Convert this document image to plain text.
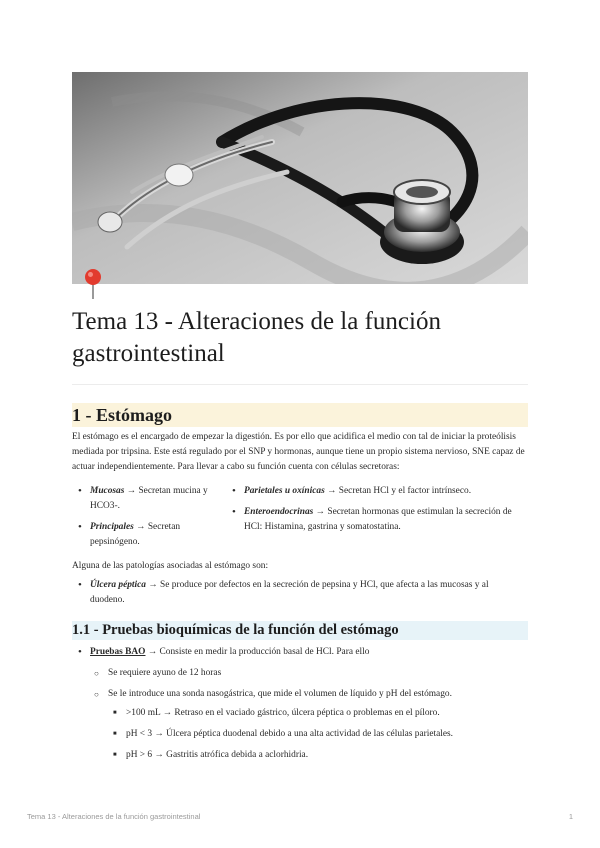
Tema 13 - Alteraciones de la función gastrointestinal
1 - Estómago

El estómago es el encargado de empezar la digestión. Es por ello que acidifica el medio con tal de iniciar la proteólisis mediada por tripsina. Este está regulado por el SNP y hormonas, aunque tiene un propio sistema nervioso, SNE capaz de actuar independientemente. Para llevar a cabo su función cuenta con células secretoras:

• Mucosas → Secretan mucina y HCO3-.
• Principales → Secretan pepsinógeno.
• Parietales u oxínicas → Secretan HCl y el factor intrínseco.
• Enteroendocrinas → Secretan hormonas que estimulan la secreción de HCl: Histamina, gastrina y somatostatina.

Alguna de las patologías asociadas al estómago son:

• Úlcera péptica → Se produce por defectos en la secreción de pepsina y HCl, que afecta a las mucosas y al duodeno.
1.1 - Pruebas bioquímicas de la función del estómago
• Pruebas BAO → Consiste en medir la producción basal de HCl. Para ello
○ Se requiere ayuno de 12 horas
○ Se le introduce una sonda nasogástrica, que mide el volumen de líquido y pH del estómago.
■ >100 mL → Retraso en el vaciado gástrico, úlcera péptica o problemas en el píloro.
■ pH < 3 → Úlcera péptica duodenal debido a una alta actividad de las células parietales.
■ pH > 6 → Gastritis atrófica debida a aclorhidria.
Tema 13 - Alteraciones de la función gastrointestinal	1
